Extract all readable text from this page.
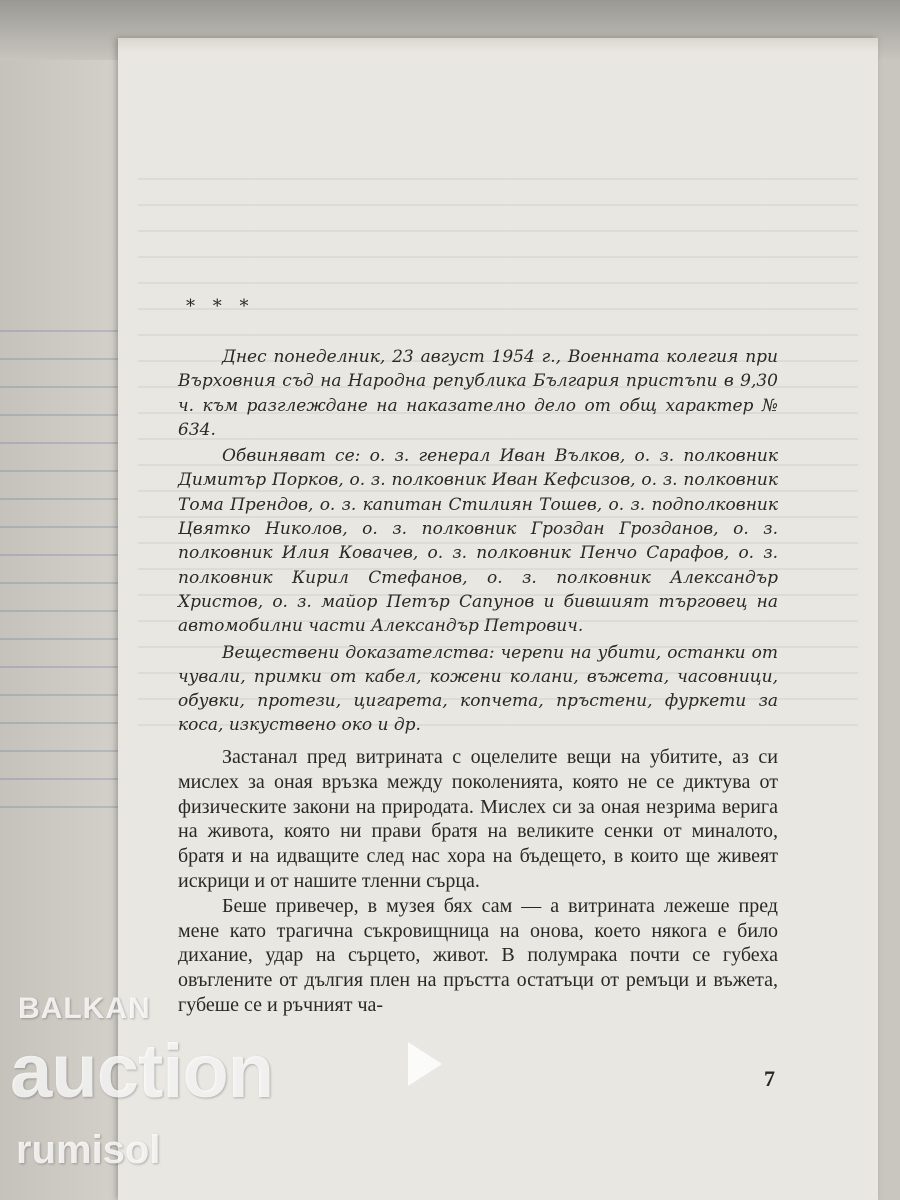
* * *

Днес понеделник, 23 август 1954 г., Военната колегия при Върховния съд на Народна република България пристъпи в 9,30 ч. към разглеждане на наказателно дело от общ характер № 634.

Обвиняват се: о. з. генерал Иван Вълков, о. з. полковник Димитър Порков, о. з. полковник Иван Кефсизов, о. з. полковник Тома Прендов, о. з. капитан Стилиян Тошев, о. з. подполковник Цвятко Николов, о. з. полковник Гроздан Грозданов, о. з. полковник Илия Ковачев, о. з. полковник Пенчо Сарафов, о. з. полковник Кирил Стефанов, о. з. полковник Александър Христов, о. з. майор Петър Сапунов и бившият търговец на автомобилни части Александър Петрович.

Веществени доказателства: черепи на убити, останки от чували, примки от кабел, кожени колани, въжета, часовници, обувки, протези, цигарета, копчета, пръстени, фуркети за коса, изкуствено око и др.

Застанал пред витрината с оцелелите вещи на убитите, аз си мислех за оная връзка между поколенията, която не се диктува от физическите закони на природата. Мислех си за оная незрима верига на живота, която ни прави братя на великите сенки от миналото, братя и на идващите след нас хора на бъдещето, в които ще живеят искрици и от нашите тленни сърца.

Беше привечер, в музея бях сам — а витрината лежеше пред мене като трагична съкровищница на онова, което някога е било дихание, удар на сърцето, живот. В полумрака почти се губеха овъглените от дългия плен на пръстта остатъци от ремъци и въжета, губеше се и ръчният ча-

7
BALKAN
auction
rumisol
